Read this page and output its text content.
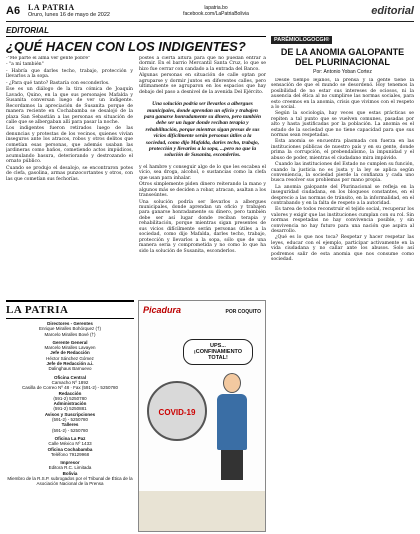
A6 LA PATRIA
Oruro, lunes 16 de mayo de 2022
lapatria.bo
facebook.com/LaPatriaBolivia	editorial
EDITORIAL
¿QUÉ HACEN CON LOS INDIGENTES?

-"Me parte el alma ver gente pobre"

- "a mí también"

- Habría que darles techo, trabajo, protección y llevarlos a la sopa.

- ¿Para qué tanto? Bastaría con esconderlos.

Ese es un diálogo de la tira cómica de Joaquín Lavado, Quino, en la que sus personajes Mafalda y Susanita conversan luego de ver un indigente. Recordamos la apreciación de Susanita porque de manera reciente en Cochabamba se desalojó de la plaza San Sebastián a las personas en situación de calle que se albergaban allí para pasar la noche.

Los indigentes fueron retirados luego de las denuncias y protestas de los vecinos, quienes vivían inseguros ante los atracos, robos y otros delitos que cometían esas personas, que además usaban las jardineras como baños, cometiendo actos impúdicos, acumulando basura, deteriorando y destrozando el ornato público.

Cuando se produjo el desalojo, se encontraron potes de clefa, gasolina, armas punzocortantes y otros, con las que cometían sus fechorías.

postes a cierta altura para que no puedan entrar a dormir. En el barrio Mercantil Santa Cruz, lo que se hizo fue cerrar con candado a la entrada del Banco.

Algunas personas en situación de calle optan por agruparse y dormir juntos en diferentes calles, pero ultimamente se agruparon en los espacios que hay debajo del paso a desnivel de la avenida Del Ejército.

Una solución podría ser llevarlos a albergues municipales, donde aprendan un oficio y trabajen para ganarse honradamente su dinero, pero también debe ser un lugar donde reciban terapia y rehabilitación, porque mientras sigan presas de sus vicios difícilmente serán personas útiles a la sociedad, como dijo Mafalda, darles techo, trabajo, protección y llevarlos a la sopa, ...pero no que la solución de Susanita, esconderlos.

y el hambre y conseguir algo de lo que les escabea el vicio, sea droga, alcohol, o sustancias como la clefa que usan para inhalar.

Otros simplemente piden dinero reiterando la mano y algunos más se deciden a robar, atracan, asaltan a los transeúntes.

Una solución podría ser llevarlos a albergues municipales, donde aprendan un oficio y trabajen para ganarse honradamente su dinero, pero también debe ser así lugar donde reciban terapia y rehabilitación, porque mientras sigan presentes de sus vicios difícilmente serán personas útiles a la sociedad, como dijo Mafalda, darles techo, trabajo, protección y llevarlos a la sopa, sólo que de una manera seria y comprometida y no como lo que ha sido la solución de Susanita, esconderlos.

PARÉMIOLOGOCGI®
DE LA ANOMIA GALOPANTE DEL PLURINACIONAL
Por: Antonio Yoban Cortez

Desde tiempo lejanos, la prensa y la gente tiene la sensación de que el mundo se desordenó. Hoy tenemos la posibilidad de no estar sus intereses de ociosos, ni la ausencia del ética al no cumplirse las normas sociales, para esto creemos en la anomia, crisis que vivimos con el respeto a lo social.

Según la sociología, hay veces que estas prácticas se repiten a tal punto que se vuelven comunes, pasadas por alto y hasta justificadas por la población. La anomia es el estado de la sociedad que no tiene capacidad para que sus normas sean respetadas.

Esta anomia se encuentra plasmada con fuerza en las instituciones públicas de nuestro país y en su gente, donde prima la corrupción, el prebendalismo, la impunidad y el abuso de poder, mientras el ciudadano mira impávido.

Cuando las instituciones del Estado no cumplen su función, cuando la justicia no es justa y la ley se aplica según conveniencia, la sociedad pierde la confianza y cada uno busca resolver sus problemas por mano propia.

La anomia galopante del Plurinacional se refleja en la inseguridad ciudadana, en los bloqueos constantes, en el desprecio a las normas de tránsito, en la informalidad, en el contrabando y en la falta de respeto a la autoridad.

Es tarea de todos reconstruir el tejido social, recuperar los valores y exigir que las instituciones cumplan con su rol. Sin normas respetadas no hay convivencia posible, y sin convivencia no hay futuro para una nación que aspira al desarrollo.

¿Qué es lo que nos toca? Respetar y hacer respetar las leyes, educar con el ejemplo, participar activamente en la vida ciudadana y no callar ante los abusos. Solo así podremos salir de esta anomia que nos consume como sociedad.

LA PATRIA
Directores - Gerentes
Enrique Miralles Bohórquez (†)
Marcelo Miralles Bové (†)
Gerente General
Marcelo Miralles Lavayen
Jefe de Redacción
Héctor Sánchez Gómez
Jefe de Redacción a.i.
Dalinghaus Barnuevo
Oficina Central
Camacho Nº 1892
Casilla de Correo Nº 48 · Fax (591-2) - 5250780
Redacción
(591-2) 5250780
Administración
(591-2) 5250881
Avisos y Suscripciones
(591-2) - 5250780
Talleres
(591-2) - 5250780
Oficina La Paz
Calle México Nº 1433
Oficina Cochabamba
Teléfono 79129968
Impresor
Editora R.C. Limitada
Bolivia
Miembro de la R.S.P. subrogados por el Tribunal de Ética de la Asociación Nacional de la Prensa
Picadura	POR COQUITO
UPS... ¡CONFINAMIENTO TOTAL!
COVID-19
